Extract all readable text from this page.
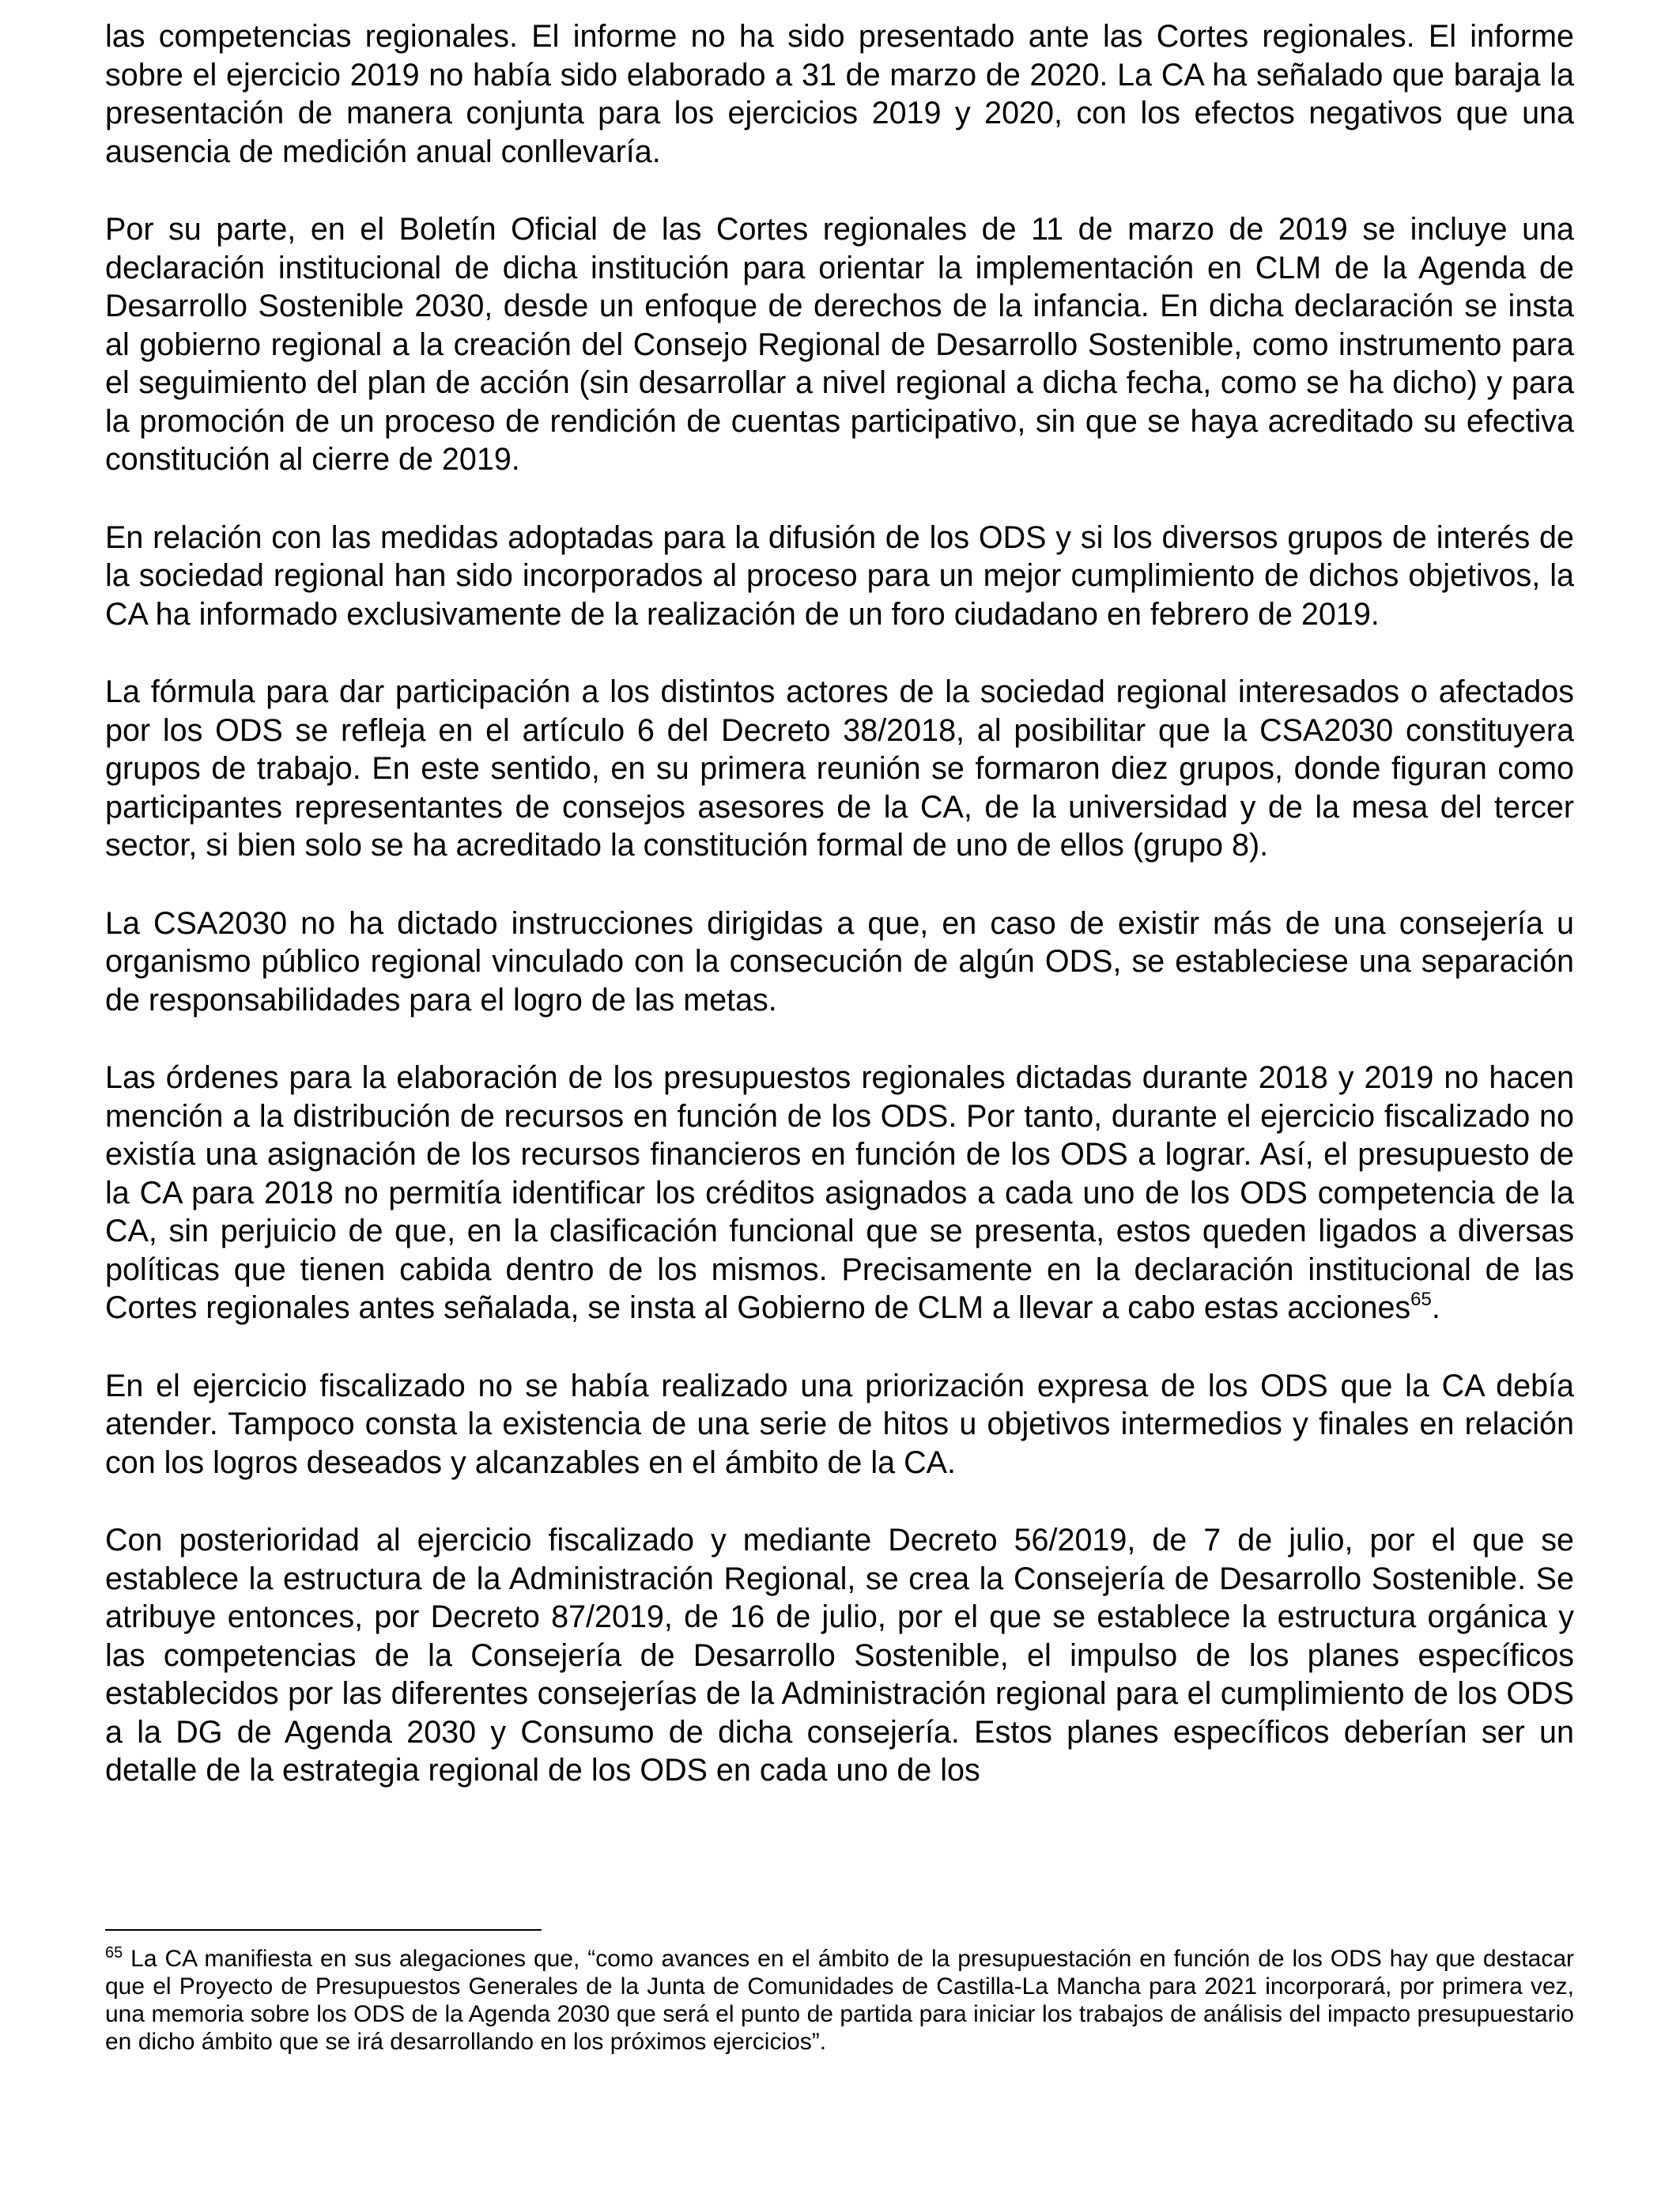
las competencias regionales. El informe no ha sido presentado ante las Cortes regionales. El informe sobre el ejercicio 2019 no había sido elaborado a 31 de marzo de 2020. La CA ha señalado que baraja la presentación de manera conjunta para los ejercicios 2019 y 2020, con los efectos negativos que una ausencia de medición anual conllevaría.

Por su parte, en el Boletín Oficial de las Cortes regionales de 11 de marzo de 2019 se incluye una declaración institucional de dicha institución para orientar la implementación en CLM de la Agenda de Desarrollo Sostenible 2030, desde un enfoque de derechos de la infancia. En dicha declaración se insta al gobierno regional a la creación del Consejo Regional de Desarrollo Sostenible, como instrumento para el seguimiento del plan de acción (sin desarrollar a nivel regional a dicha fecha, como se ha dicho) y para la promoción de un proceso de rendición de cuentas participativo, sin que se haya acreditado su efectiva constitución al cierre de 2019.

En relación con las medidas adoptadas para la difusión de los ODS y si los diversos grupos de interés de la sociedad regional han sido incorporados al proceso para un mejor cumplimiento de dichos objetivos, la CA ha informado exclusivamente de la realización de un foro ciudadano en febrero de 2019.

La fórmula para dar participación a los distintos actores de la sociedad regional interesados o afectados por los ODS se refleja en el artículo 6 del Decreto 38/2018, al posibilitar que la CSA2030 constituyera grupos de trabajo. En este sentido, en su primera reunión se formaron diez grupos, donde figuran como participantes representantes de consejos asesores de la CA, de la universidad y de la mesa del tercer sector, si bien solo se ha acreditado la constitución formal de uno de ellos (grupo 8).

La CSA2030 no ha dictado instrucciones dirigidas a que, en caso de existir más de una consejería u organismo público regional vinculado con la consecución de algún ODS, se estableciese una separación de responsabilidades para el logro de las metas.

Las órdenes para la elaboración de los presupuestos regionales dictadas durante 2018 y 2019 no hacen mención a la distribución de recursos en función de los ODS. Por tanto, durante el ejercicio fiscalizado no existía una asignación de los recursos financieros en función de los ODS a lograr. Así, el presupuesto de la CA para 2018 no permitía identificar los créditos asignados a cada uno de los ODS competencia de la CA, sin perjuicio de que, en la clasificación funcional que se presenta, estos queden ligados a diversas políticas que tienen cabida dentro de los mismos. Precisamente en la declaración institucional de las Cortes regionales antes señalada, se insta al Gobierno de CLM a llevar a cabo estas acciones$^{65}$.

En el ejercicio fiscalizado no se había realizado una priorización expresa de los ODS que la CA debía atender. Tampoco consta la existencia de una serie de hitos u objetivos intermedios y finales en relación con los logros deseados y alcanzables en el ámbito de la CA.

Con posterioridad al ejercicio fiscalizado y mediante Decreto 56/2019, de 7 de julio, por el que se establece la estructura de la Administración Regional, se crea la Consejería de Desarrollo Sostenible. Se atribuye entonces, por Decreto 87/2019, de 16 de julio, por el que se establece la estructura orgánica y las competencias de la Consejería de Desarrollo Sostenible, el impulso de los planes específicos establecidos por las diferentes consejerías de la Administración regional para el cumplimiento de los ODS a la DG de Agenda 2030 y Consumo de dicha consejería. Estos planes específicos deberían ser un detalle de la estrategia regional de los ODS en cada uno de los

$^{65}$ La CA manifiesta en sus alegaciones que, “como avances en el ámbito de la presupuestación en función de los ODS hay que destacar que el Proyecto de Presupuestos Generales de la Junta de Comunidades de Castilla-La Mancha para 2021 incorporará, por primera vez, una memoria sobre los ODS de la Agenda 2030 que será el punto de partida para iniciar los trabajos de análisis del impacto presupuestario en dicho ámbito que se irá desarrollando en los próximos ejercicios”.
